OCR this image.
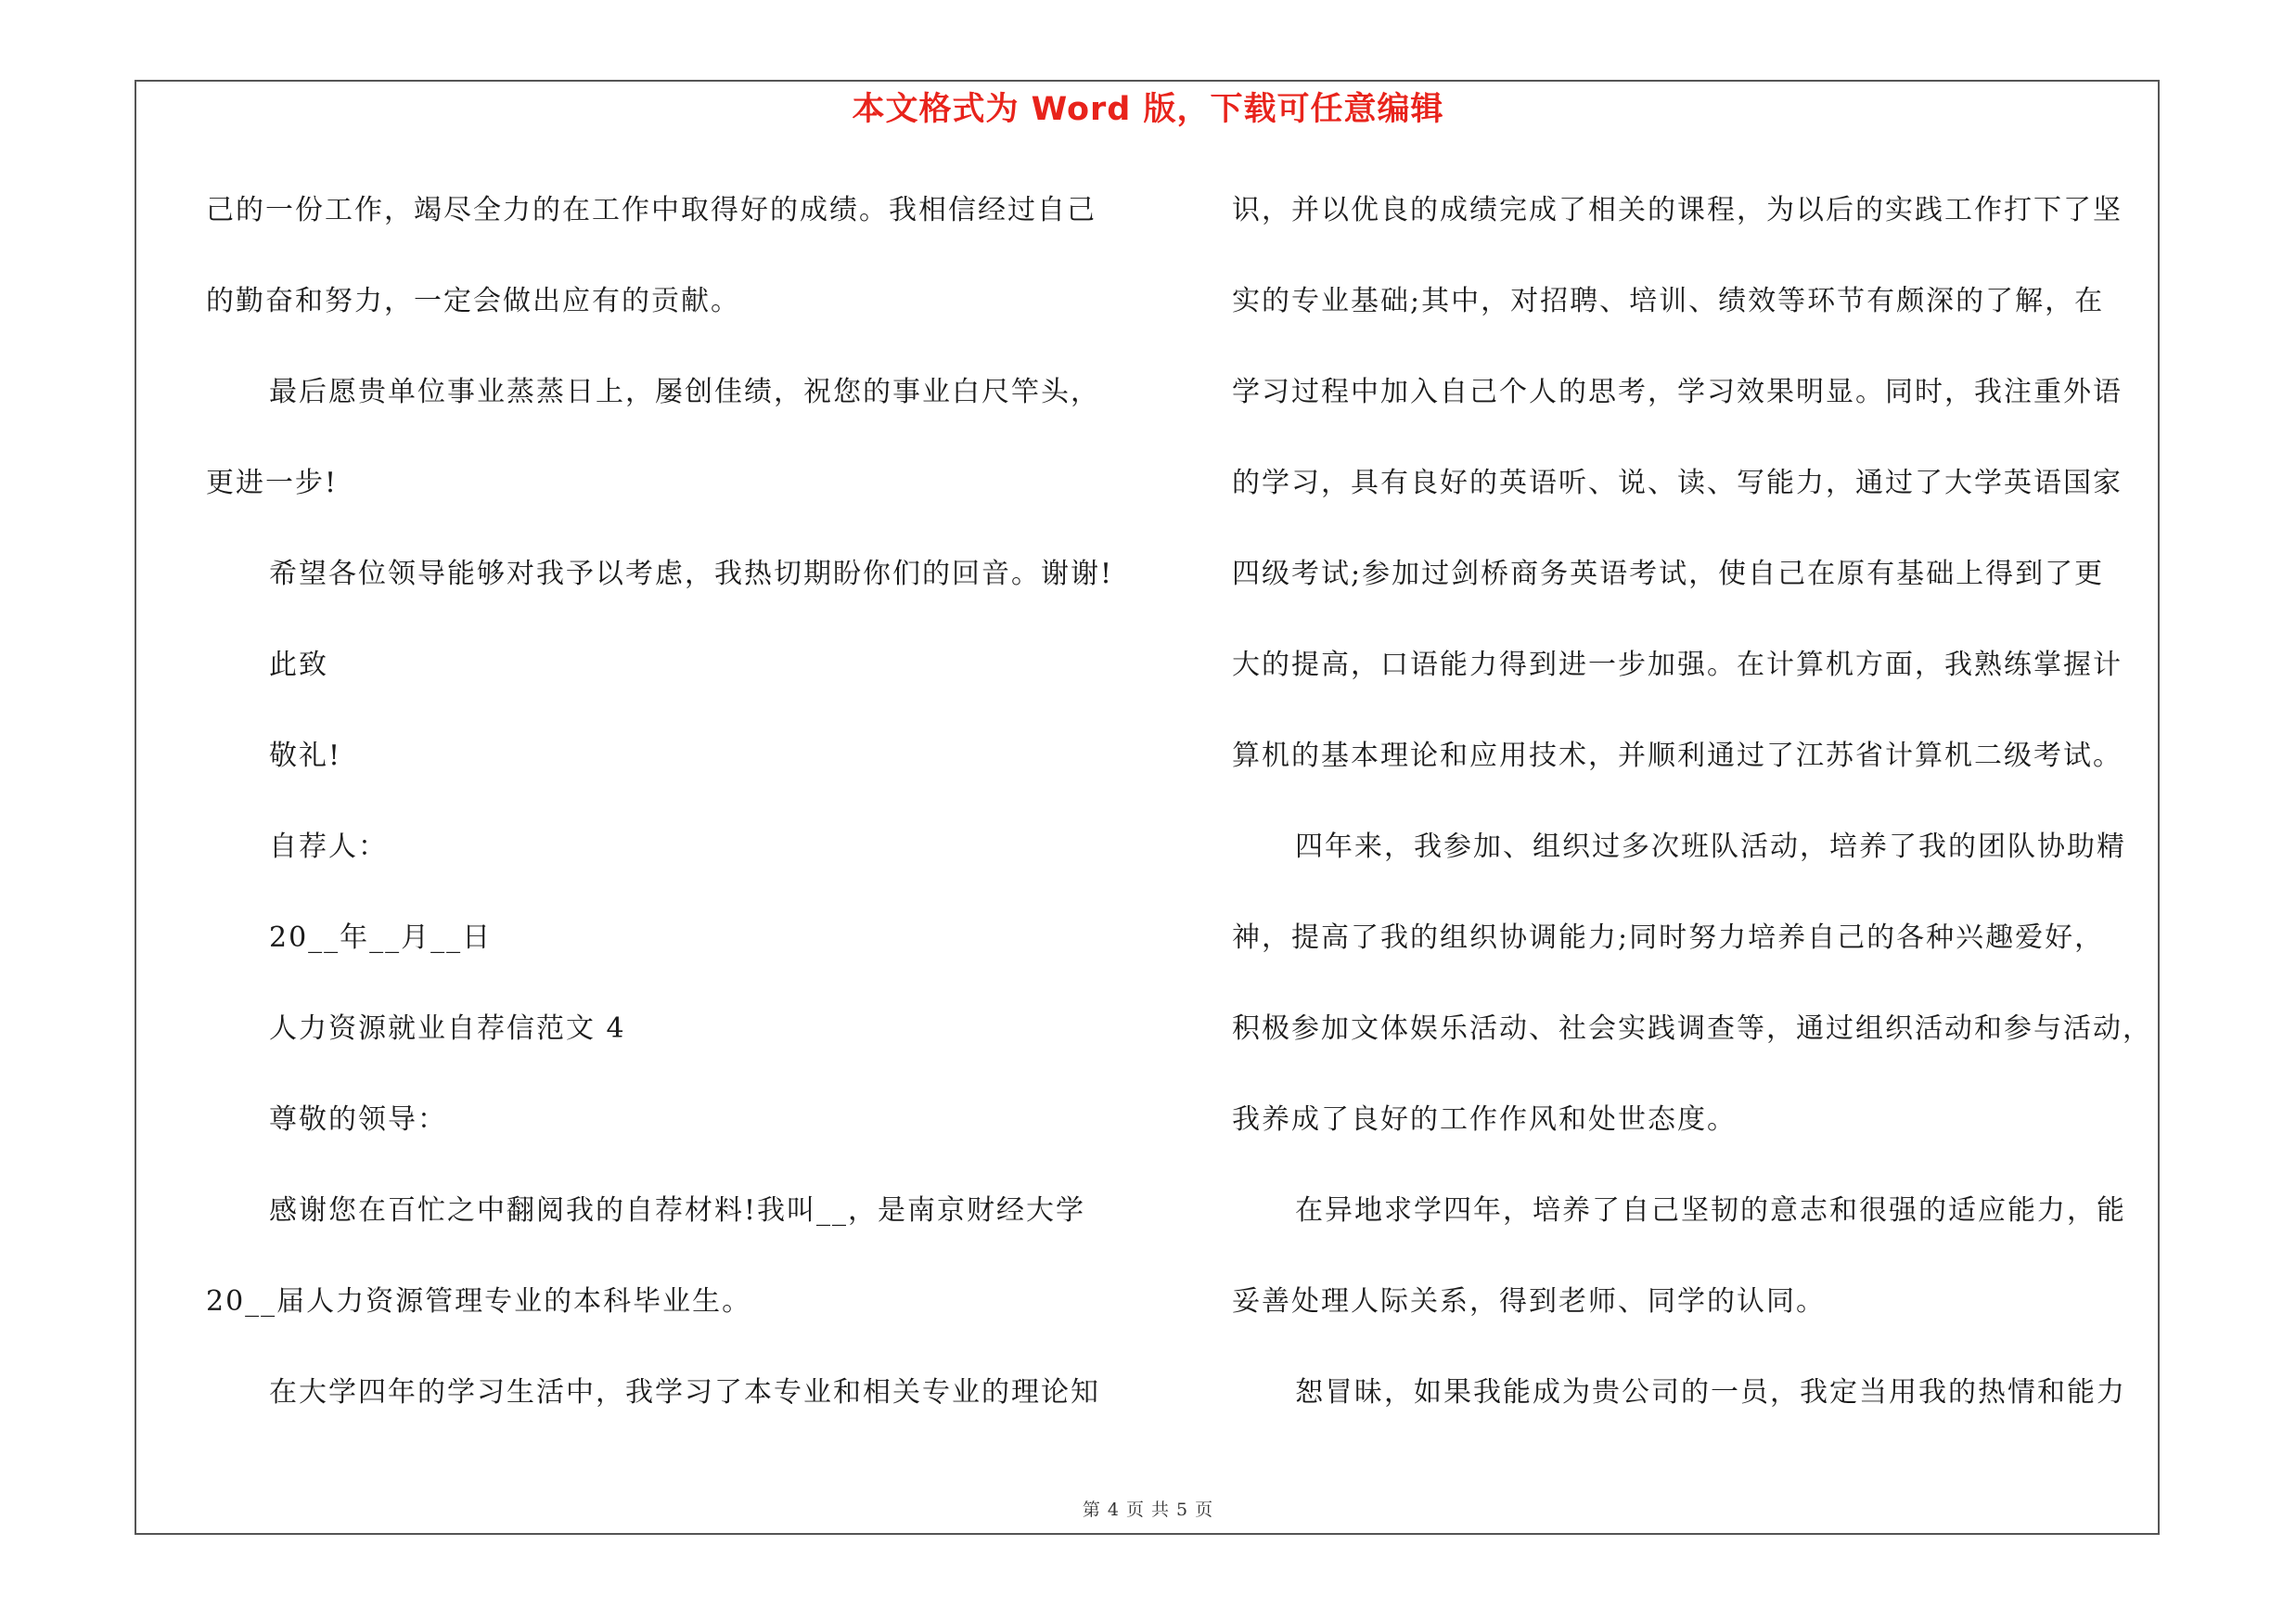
本文格式为 Word 版，下载可任意编辑

己的一份工作，竭尽全力的在工作中取得好的成绩。我相信经过自己

的勤奋和努力，一定会做出应有的贡献。

最后愿贵单位事业蒸蒸日上，屡创佳绩，祝您的事业白尺竿头，

更进一步!

希望各位领导能够对我予以考虑，我热切期盼你们的回音。谢谢!

此致

敬礼!

自荐人：

20__年__月__日

人力资源就业自荐信范文 4

尊敬的领导：

感谢您在百忙之中翻阅我的自荐材料!我叫__，是南京财经大学

20__届人力资源管理专业的本科毕业生。

在大学四年的学习生活中，我学习了本专业和相关专业的理论知

识，并以优良的成绩完成了相关的课程，为以后的实践工作打下了坚

实的专业基础;其中，对招聘、培训、绩效等环节有颇深的了解，在

学习过程中加入自己个人的思考，学习效果明显。同时，我注重外语

的学习，具有良好的英语听、说、读、写能力，通过了大学英语国家

四级考试;参加过剑桥商务英语考试，使自己在原有基础上得到了更

大的提高，口语能力得到进一步加强。在计算机方面，我熟练掌握计

算机的基本理论和应用技术，并顺利通过了江苏省计算机二级考试。

四年来，我参加、组织过多次班队活动，培养了我的团队协助精

神，提高了我的组织协调能力;同时努力培养自己的各种兴趣爱好，

积极参加文体娱乐活动、社会实践调查等，通过组织活动和参与活动，

我养成了良好的工作作风和处世态度。

在异地求学四年，培养了自己坚韧的意志和很强的适应能力，能

妥善处理人际关系，得到老师、同学的认同。

恕冒昧，如果我能成为贵公司的一员，我定当用我的热情和能力

第 4 页 共 5 页
